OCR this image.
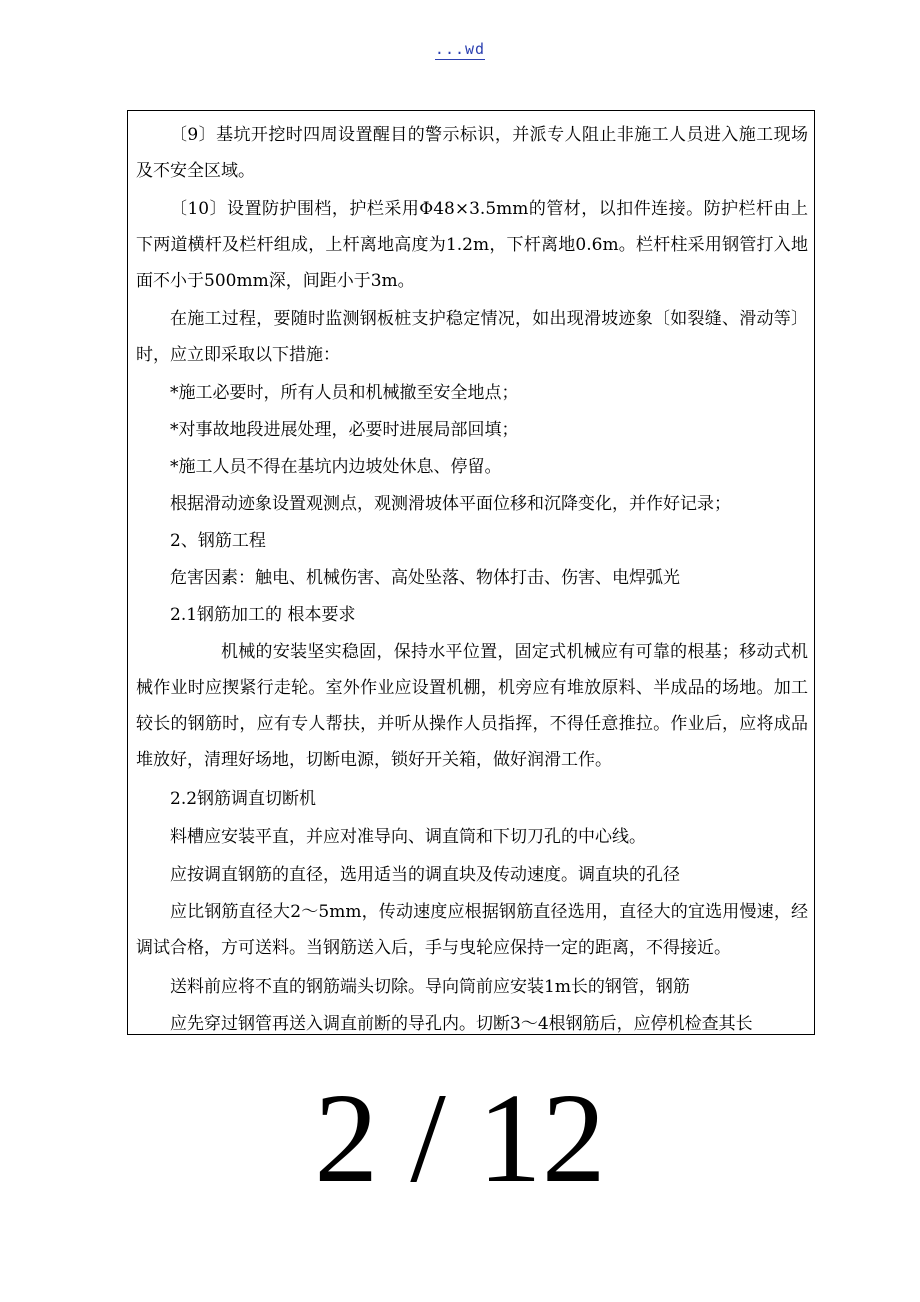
...wd
〔9〕基坑开挖时四周设置醒目的警示标识，并派专人阻止非施工人员进入施工现场及不安全区域。
〔10〕设置防护围档，护栏采用Φ48×3.5mm的管材，以扣件连接。防护栏杆由上下两道横杆及栏杆组成，上杆离地高度为1.2m，下杆离地0.6m。栏杆柱采用钢管打入地面不小于500mm深，间距小于3m。
在施工过程，要随时监测钢板桩支护稳定情况，如出现滑坡迹象〔如裂缝、滑动等〕时，应立即采取以下措施：
*施工必要时，所有人员和机械撤至安全地点；
*对事故地段进展处理，必要时进展局部回填；
*施工人员不得在基坑内边坡处休息、停留。
根据滑动迹象设置观测点，观测滑坡体平面位移和沉降变化，并作好记录；
2、钢筋工程
危害因素：触电、机械伤害、高处坠落、物体打击、伤害、电焊弧光
2.1钢筋加工的 根本要求
机械的安装坚实稳固，保持水平位置，固定式机械应有可靠的根基；移动式机械作业时应揳紧行走轮。室外作业应设置机棚，机旁应有堆放原料、半成品的场地。加工较长的钢筋时，应有专人帮扶，并听从操作人员指挥，不得任意推拉。作业后，应将成品堆放好，清理好场地，切断电源，锁好开关箱，做好润滑工作。
2.2钢筋调直切断机
料槽应安装平直，并应对准导向、调直筒和下切刀孔的中心线。
应按调直钢筋的直径，选用适当的调直块及传动速度。调直块的孔径
应比钢筋直径大2～5mm，传动速度应根据钢筋直径选用，直径大的宜选用慢速，经调试合格，方可送料。当钢筋送入后，手与曳轮应保持一定的距离，不得接近。
送料前应将不直的钢筋端头切除。导向筒前应安装1m长的钢管，钢筋
应先穿过钢管再送入调直前断的导孔内。切断3～4根钢筋后，应停机检查其长
2 / 12
